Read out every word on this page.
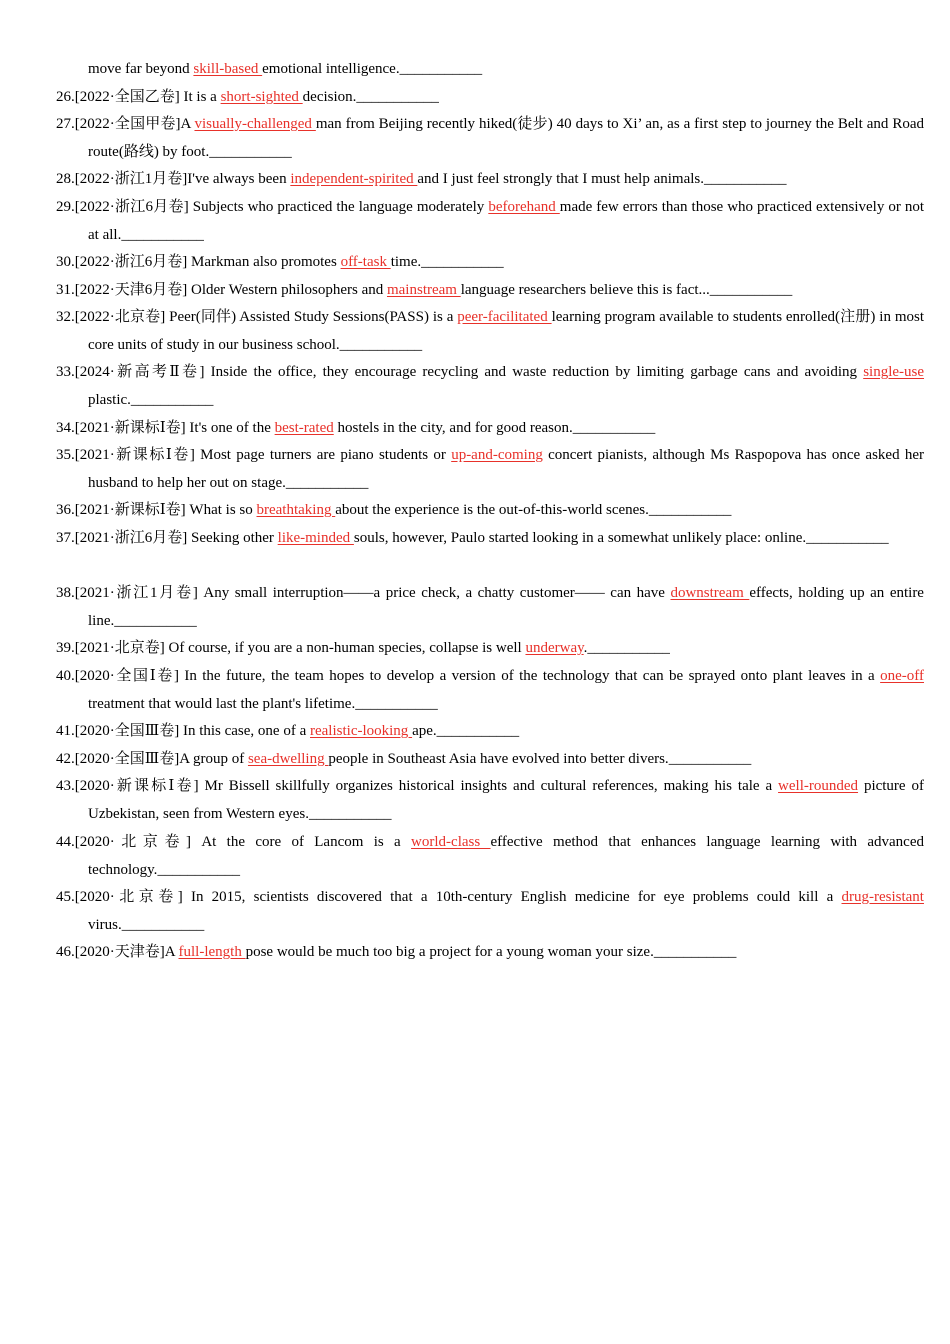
move far beyond skill-based emotional intelligence.___________
26.[2022·全国乙卷] It is a short-sighted decision.___________
27.[2022·全国甲卷]A visually-challenged man from Beijing recently hiked(徒步) 40 days to Xi’ an, as a first step to journey the Belt and Road route(路线) by foot.___________
28.[2022·浙江1月卷]I've always been independent-spirited and I just feel strongly that I must help animals.___________
29.[2022·浙江6月卷] Subjects who practiced the language moderately beforehand made few errors than those who practiced extensively or not at all.___________
30.[2022·浙江6月卷] Markman also promotes off-task time.___________
31.[2022·天津6月卷] Older Western philosophers and mainstream language researchers believe this is fact...___________
32.[2022·北京卷] Peer(同伴) Assisted Study Sessions(PASS) is a peer-facilitated learning program available to students enrolled(注册) in most core units of study in our business school.___________
33.[2024·新高考Ⅱ卷] Inside the office, they encourage recycling and waste reduction by limiting garbage cans and avoiding single-use plastic.___________
34.[2021·新课标Ⅰ卷] It's one of the best-rated hostels in the city, and for good reason.___________
35.[2021·新课标Ⅰ卷] Most page turners are piano students or up-and-coming concert pianists, although Ms Raspopova has once asked her husband to help her out on stage.___________
36.[2021·新课标Ⅰ卷] What is so breathtaking about the experience is the out-of-this-world scenes.___________
37.[2021·浙江6月卷] Seeking other like-minded souls, however, Paulo started looking in a somewhat unlikely place: online.___________
38.[2021·浙江1月卷] Any small interruption——a price check, a chatty customer—— can have downstream effects, holding up an entire line.___________
39.[2021·北京卷] Of course, if you are a non-human species, collapse is well underway.___________
40.[2020·全国Ⅰ卷] In the future, the team hopes to develop a version of the technology that can be sprayed onto plant leaves in a one-off treatment that would last the plant's lifetime.___________
41.[2020·全国Ⅲ卷] In this case, one of a realistic-looking ape.___________
42.[2020·全国Ⅲ卷]A group of sea-dwelling people in Southeast Asia have evolved into better divers.___________
43.[2020·新课标Ⅰ卷] Mr Bissell skillfully organizes historical insights and cultural references, making his tale a well-rounded picture of Uzbekistan, seen from Western eyes.___________
44.[2020·北京卷] At the core of Lancom is a world-class effective method that enhances language learning with advanced technology.___________
45.[2020·北京卷] In 2015, scientists discovered that a 10th-century English medicine for eye problems could kill a drug-resistant virus.___________
46.[2020·天津卷]A full-length pose would be much too big a project for a young woman your size.___________
